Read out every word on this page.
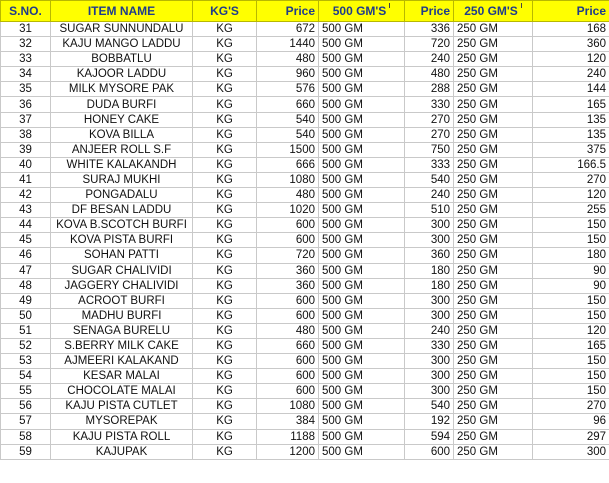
S.NO.	ITEM NAME	KG'S	Price	500 GM'S	Price	250 GM'S	Price
31	SUGAR SUNNUNDALU	KG	672	500 GM	336	250 GM	168
32	KAJU MANGO LADDU	KG	1440	500 GM	720	250 GM	360
33	BOBBATLU	KG	480	500 GM	240	250 GM	120
34	KAJOOR LADDU	KG	960	500 GM	480	250 GM	240
35	MILK MYSORE PAK	KG	576	500 GM	288	250 GM	144
36	DUDA BURFI	KG	660	500 GM	330	250 GM	165
37	HONEY CAKE	KG	540	500 GM	270	250 GM	135
38	KOVA BILLA	KG	540	500 GM	270	250 GM	135
39	ANJEER ROLL S.F	KG	1500	500 GM	750	250 GM	375
40	WHITE KALAKANDH	KG	666	500 GM	333	250 GM	166.5
41	SURAJ MUKHI	KG	1080	500 GM	540	250 GM	270
42	PONGADALU	KG	480	500 GM	240	250 GM	120
43	DF BESAN LADDU	KG	1020	500 GM	510	250 GM	255
44	KOVA B.SCOTCH BURFI	KG	600	500 GM	300	250 GM	150
45	KOVA PISTA BURFI	KG	600	500 GM	300	250 GM	150
46	SOHAN PATTI	KG	720	500 GM	360	250 GM	180
47	SUGAR CHALIVIDI	KG	360	500 GM	180	250 GM	90
48	JAGGERY CHALIVIDI	KG	360	500 GM	180	250 GM	90
49	ACROOT BURFI	KG	600	500 GM	300	250 GM	150
50	MADHU BURFI	KG	600	500 GM	300	250 GM	150
51	SENAGA BURELU	KG	480	500 GM	240	250 GM	120
52	S.BERRY MILK CAKE	KG	660	500 GM	330	250 GM	165
53	AJMEERI KALAKAND	KG	600	500 GM	300	250 GM	150
54	KESAR MALAI	KG	600	500 GM	300	250 GM	150
55	CHOCOLATE MALAI	KG	600	500 GM	300	250 GM	150
56	KAJU PISTA CUTLET	KG	1080	500 GM	540	250 GM	270
57	MYSOREPAK	KG	384	500 GM	192	250 GM	96
58	KAJU PISTA ROLL	KG	1188	500 GM	594	250 GM	297
59	KAJUPAK	KG	1200	500 GM	600	250 GM	300
